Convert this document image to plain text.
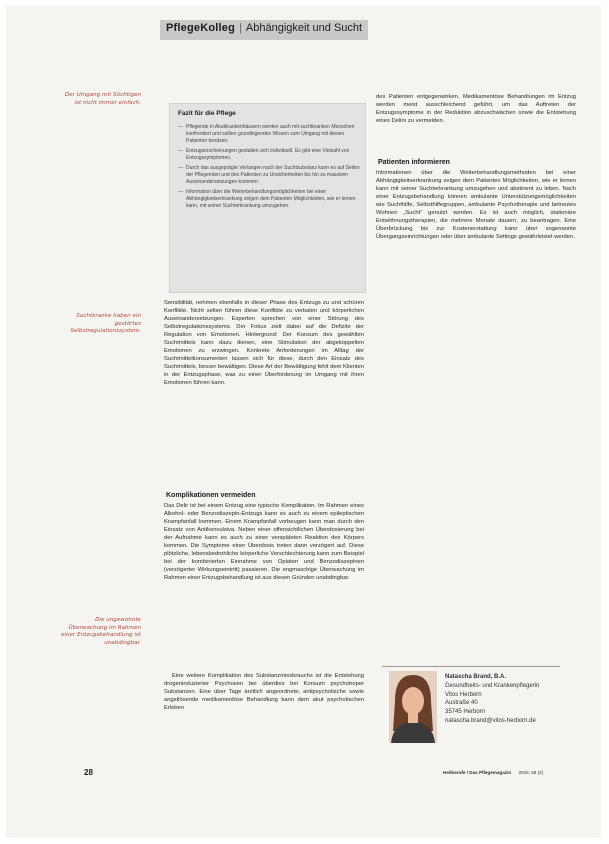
PflegeKolleg | Abhängigkeit und Sucht
Der Umgang mit Süchtigen ist nicht immer einfach.
Suchtkranke haben ein gestörtes Selbstregulationssystem.
Die ungewohnte Überwachung im Rahmen einer Entzugsbehandlung ist unabdingbar.
Fazit für die Pflege
— Pflegende in Akutkrankenhäusern werden auch mit suchtkranken Menschen konfrontiert und sollten grundlegendes Wissen zum Umgang mit diesen Patienten besitzen.
— Entzugserscheinungen gestalten sich individuell. Es gibt eine Vielzahl von Entzugssymptomen.
— Durch das ausgeprägte Verlangen nach der Suchtsubstanz kann es auf Seiten der Pflegenden und des Patienten zu Unsicherheiten bis hin zu massiven Auseinandersetzungen kommen.
— Information über die Weiterbehandlungsmöglichkeiten bei einer Abhängigkeitserkrankung zeigen dem Patienten Möglichkeiten, wie er lernen kann, mit seiner Suchterkrankung umzugehen.
Sensibilität, nehmen ebenfalls in dieser Phase des Entzugs zu und schüren Konflikte. Nicht selten führen diese Konflikte zu verbalen und körperlichen Auseinandersetzungen. Experten sprechen von einer Störung des Selbstregulationssystems. Der Fokus zielt dabei auf die Defizite der Regulation von Emotionen. Hintergrund: Der Konsum des gewählten Suchtmittels kann dazu dienen, eine Stimulation der abgekoppelten Emotionen zu erzwingen. Konkrete Anforderungen im Alltag der Suchtmittelkonsumenten lassen sich für diese, durch den Einsatz des Suchtmittels, besser bewältigen. Diese Art der Bewältigung fehlt dem Klienten in der Entzugsphase, was zu einer Überforderung im Umgang mit ihren Emotionen führen kann.
Komplikationen vermeiden
Das Delir ist bei einem Entzug eine typische Komplikation. Im Rahmen eines Alkohol- oder Benzodiazepin-Entzugs kann es auch zu einem epileptischen Krampfanfall kommen. Einem Krampfanfall vorbeugen kann man durch den Einsatz von Antikonvulsiva. Neben einer offensichtlichen Überdosierung bei der Aufnahme kann es auch zu einer verspäteten Reaktion des Körpers kommen. Die Symptome einer Überdosis treten dann verzögert auf. Diese plötzliche, lebensbedrohliche körperliche Verschlechterung kann zum Beispiel bei der kombinierten Einnahme von Opiaten und Benzodiazepinen (verzögerter Wirkungseintritt) passieren. Die engmaschige Überwachung im Rahmen einer Entzugsbehandlung ist aus diesen Gründen unabdingbar.
Eine weitere Komplikation des Substanzmissbrauchs ist die Entstehung drogeninduzierter Psychosen bei überdies bei Konsum psychotroper Substanzen. Eine über Tage ärztlich angeordnete, antipsychotische sowie angstlösende medikamentöse Behandlung kann dem akut psychotischen Erleben
des Patienten entgegenwirken. Medikamentöse Behandlungen im Entzug werden meist ausschleichend geführt, um das Auftreten der Entzugssymptome in der Reduktion abzuschwächen sowie die Entstehung eines Delirs zu vermeiden.
Patienten informieren
Informationen über die Weiterbehandlungsmethoden bei einer Abhängigkeitserkrankung zeigen dem Patienten Möglichkeiten, wie er lernen kann mit seiner Suchterkrankung umzugehen und abstinent zu leben. Nach einer Entzugsbehandlung können ambulante Unterstützungsmöglichkeiten wie Suchthilfe, Selbsthilfegruppen, ambulante Psychotherapie und betreutes Wohnen „Sucht“ genutzt werden. Es ist auch möglich, stationäre Entwöhnungstherapien, die mehrere Monate dauern, zu beantragen. Eine Überbrückung bis zur Kostenerstattung kann über sogenannte Übergangseinrichtungen oder über ambulante Settings gewährleistet werden.
Natascha Brand, B.A.
Gesundheits- und Krankenpflegerin
Vitos Herborn
Austraße 40
35745 Herborn
natascha.brand@vitos-herborn.de
28	Heilberufe / Das Pflegemagazin 2016; 68 (2)
